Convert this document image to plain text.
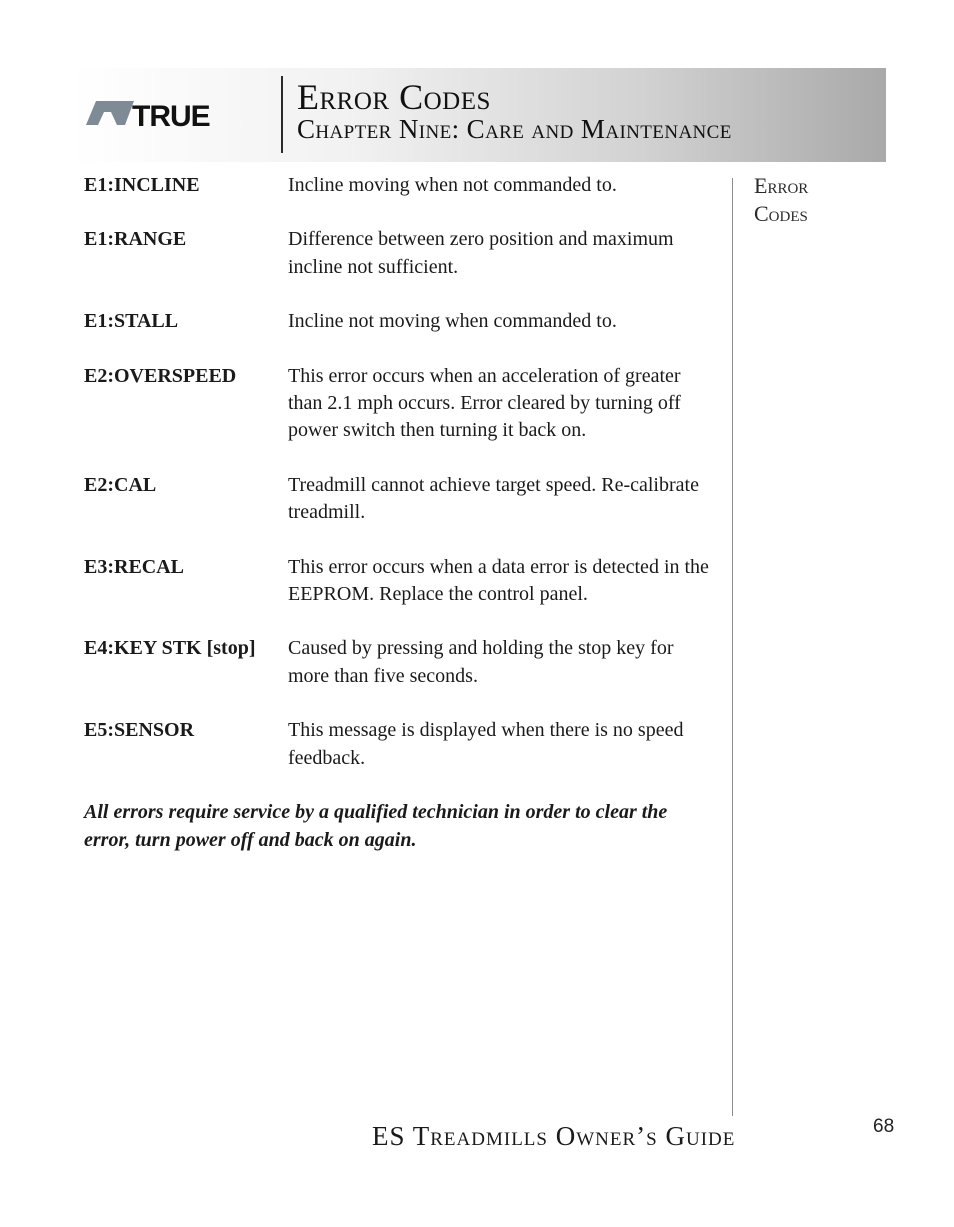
TRUE Error Codes
Chapter Nine: Care and Maintenance
E1:INCLINE	Incline moving when not commanded to.
E1:RANGE	Difference between zero position and maximum incline not sufficient.
E1:STALL	Incline not moving when commanded to.
E2:OVERSPEED	This error occurs when an acceleration of greater than 2.1 mph occurs. Error cleared by turning off power switch then turning it back on.
E2:CAL	Treadmill cannot achieve target speed. Re-calibrate treadmill.
E3:RECAL	This error occurs when a data error is detected in the EEPROM. Replace the control panel.
E4:KEY STK [stop]	Caused by pressing and holding the stop key for more than five seconds.
E5:SENSOR	This message is displayed when there is no speed feedback.
All errors require service by a qualified technician in order to clear the error, turn power off and back on again.
Error
Codes
ES Treadmills Owner’s Guide	68
